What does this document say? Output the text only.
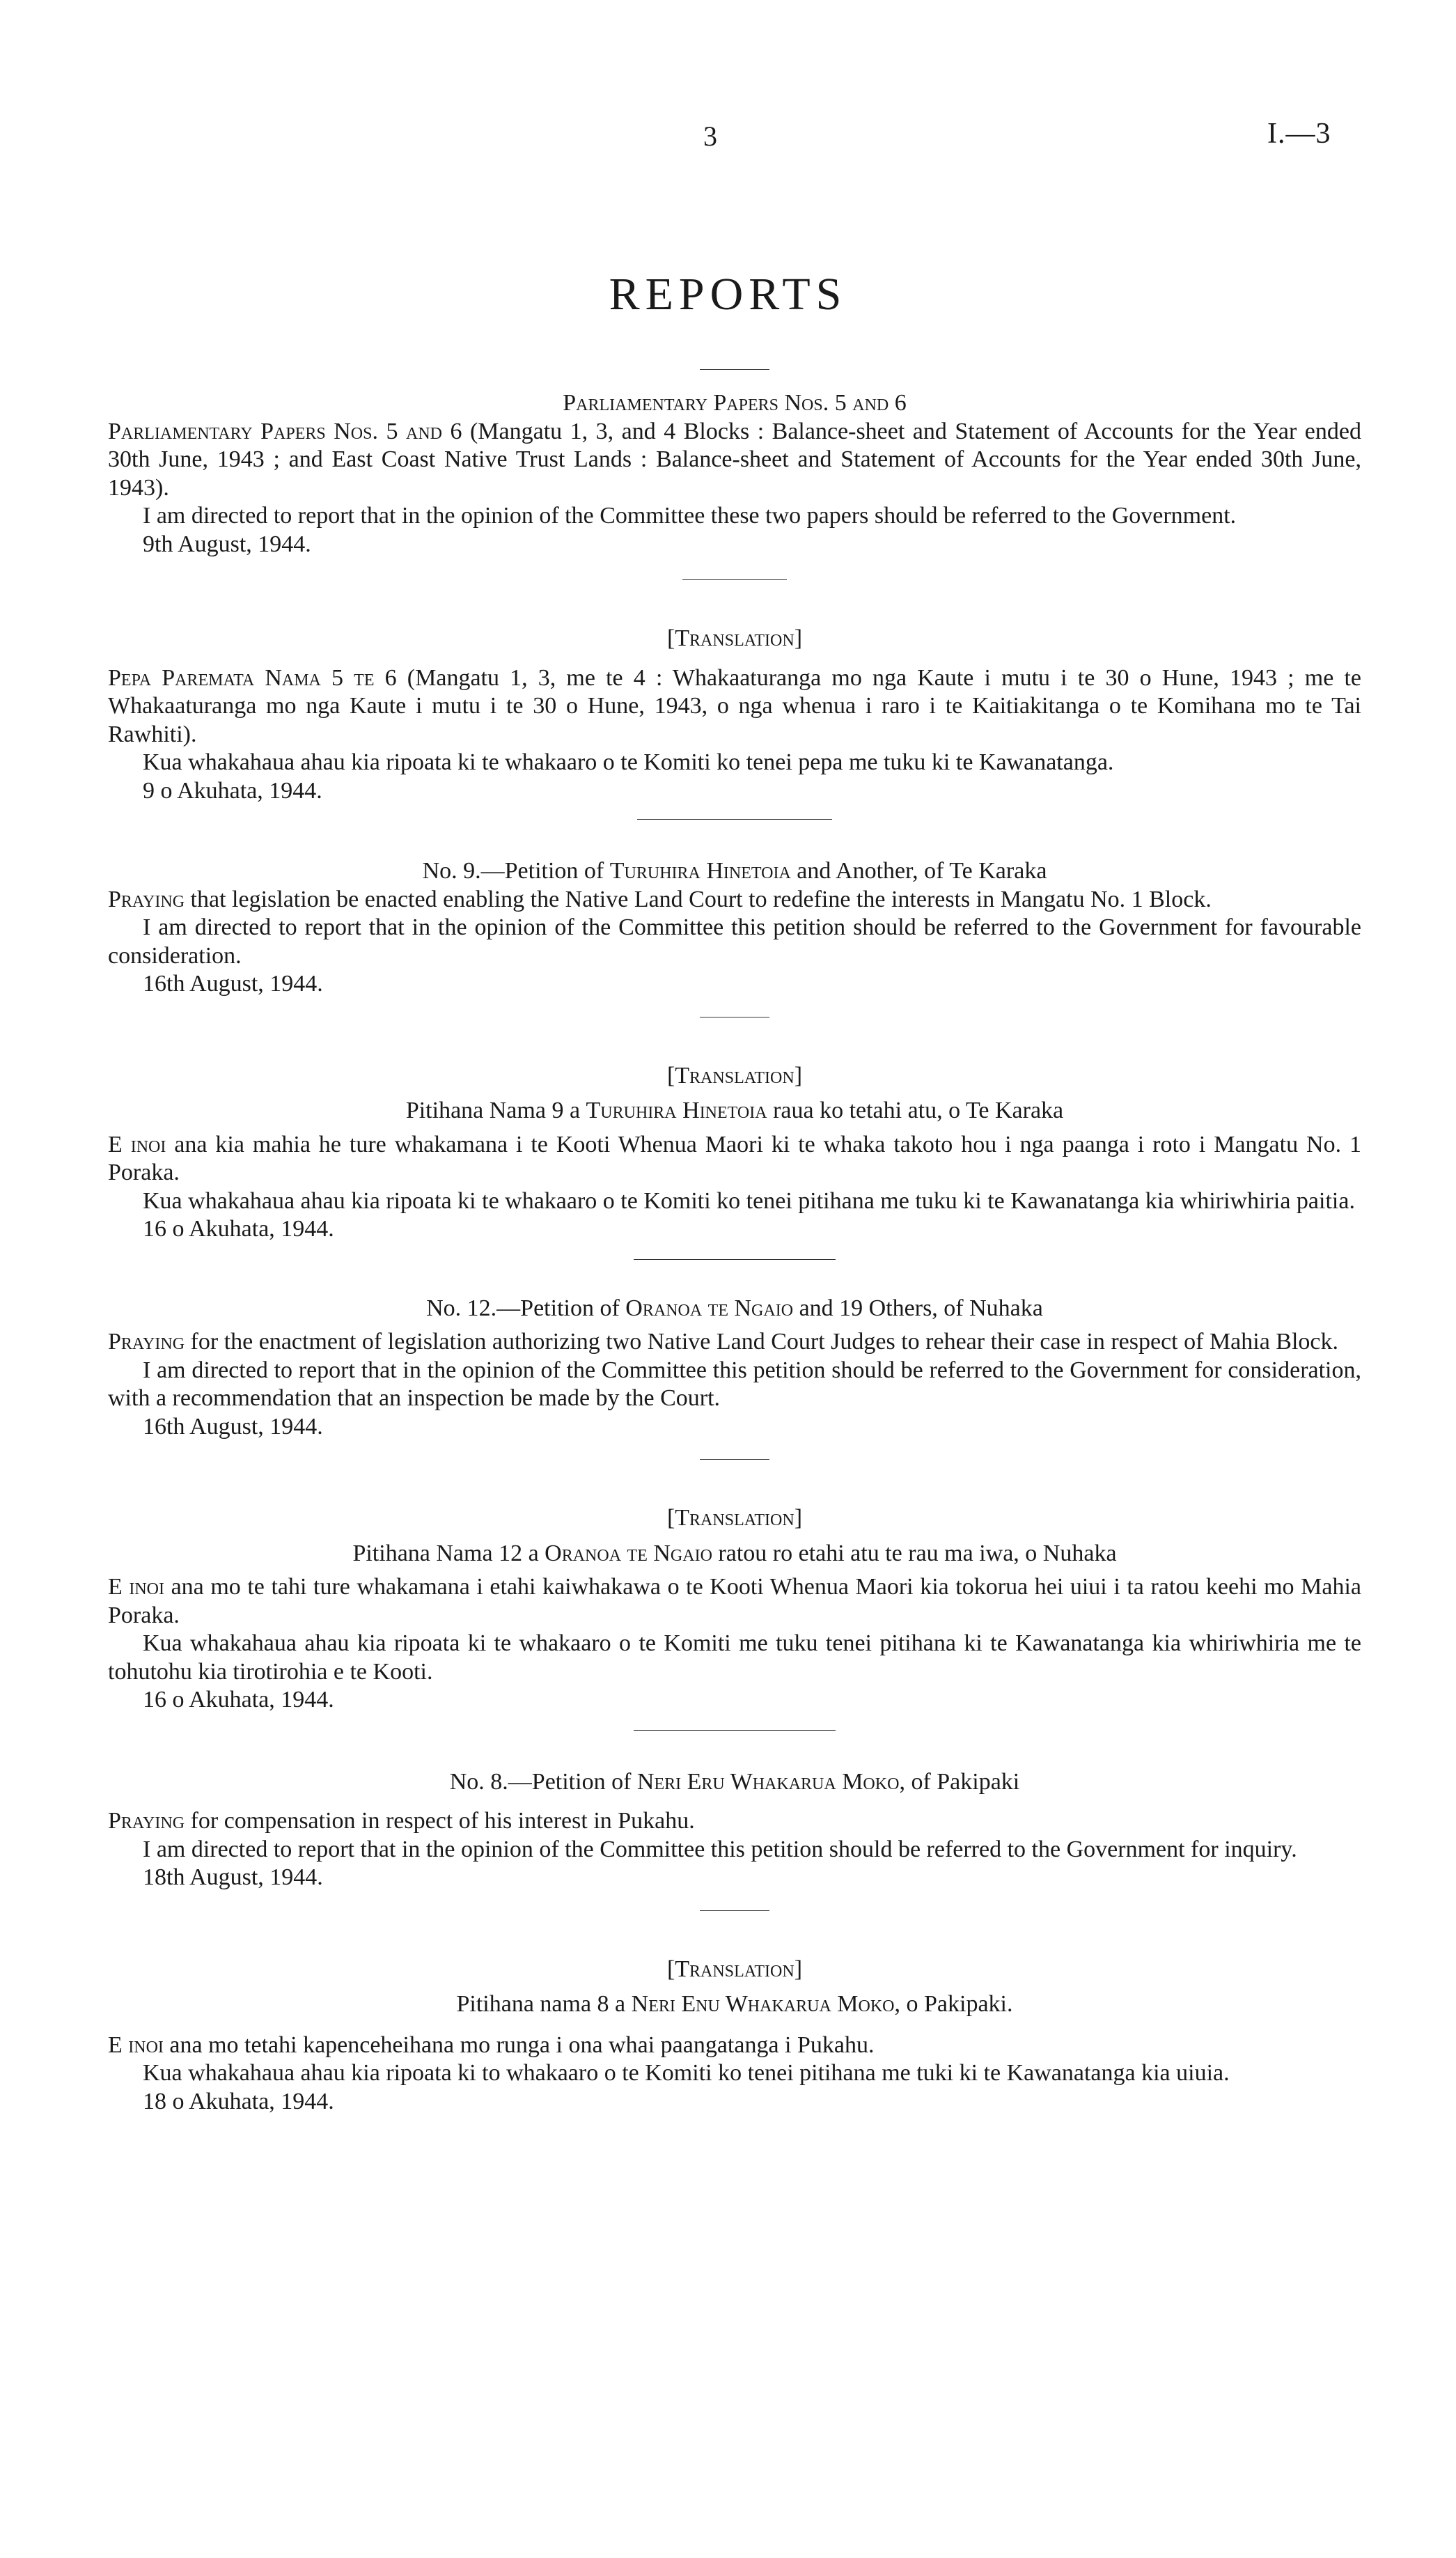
3	I.—3
REPORTS

Parliamentary Papers Nos. 5 and 6

Parliamentary Papers Nos. 5 and 6 (Mangatu 1, 3, and 4 Blocks : Balance-sheet and Statement of Accounts for the Year ended 30th June, 1943 ; and East Coast Native Trust Lands : Balance-sheet and Statement of Accounts for the Year ended 30th June, 1943).

I am directed to report that in the opinion of the Committee these two papers should be referred to the Government.

9th August, 1944.

[Translation]

Pepa Paremata Nama 5 te 6 (Mangatu 1, 3, me te 4 : Whakaaturanga mo nga Kaute i mutu i te 30 o Hune, 1943 ; me te Whakaaturanga mo nga Kaute i mutu i te 30 o Hune, 1943, o nga whenua i raro i te Kaitiakitanga o te Komihana mo te Tai Rawhiti).

Kua whakahaua ahau kia ripoata ki te whakaaro o te Komiti ko tenei pepa me tuku ki te Kawanatanga.

9 o Akuhata, 1944.

No. 9.—Petition of Turuhira Hinetoia and Another, of Te Karaka

Praying that legislation be enacted enabling the Native Land Court to redefine the interests in Mangatu No. 1 Block.

I am directed to report that in the opinion of the Committee this petition should be referred to the Government for favourable consideration.

16th August, 1944.

[Translation]

Pitihana Nama 9 a Turuhira Hinetoia raua ko tetahi atu, o Te Karaka

E inoi ana kia mahia he ture whakamana i te Kooti Whenua Maori ki te whaka takoto hou i nga paanga i roto i Mangatu No. 1 Poraka.

Kua whakahaua ahau kia ripoata ki te whakaaro o te Komiti ko tenei pitihana me tuku ki te Kawanatanga kia whiriwhiria paitia.

16 o Akuhata, 1944.

No. 12.—Petition of Oranoa te Ngaio and 19 Others, of Nuhaka

Praying for the enactment of legislation authorizing two Native Land Court Judges to rehear their case in respect of Mahia Block.

I am directed to report that in the opinion of the Committee this petition should be referred to the Government for consideration, with a recommendation that an inspection be made by the Court.

16th August, 1944.

[Translation]

Pitihana Nama 12 a Oranoa te Ngaio ratou ro etahi atu te rau ma iwa, o Nuhaka

E inoi ana mo te tahi ture whakamana i etahi kaiwhakawa o te Kooti Whenua Maori kia tokorua hei uiui i ta ratou keehi mo Mahia Poraka.

Kua whakahaua ahau kia ripoata ki te whakaaro o te Komiti me tuku tenei pitihana ki te Kawanatanga kia whiriwhiria me te tohutohu kia tirotirohia e te Kooti.

16 o Akuhata, 1944.

No. 8.—Petition of Neri Eru Whakarua Moko, of Pakipaki

Praying for compensation in respect of his interest in Pukahu.

I am directed to report that in the opinion of the Committee this petition should be referred to the Government for inquiry.

18th August, 1944.

[Translation]

Pitihana nama 8 a Neri Enu Whakarua Moko, o Pakipaki.

E inoi ana mo tetahi kapenceheihana mo runga i ona whai paangatanga i Pukahu.

Kua whakahaua ahau kia ripoata ki to whakaaro o te Komiti ko tenei pitihana me tuki ki te Kawanatanga kia uiuia.

18 o Akuhata, 1944.
